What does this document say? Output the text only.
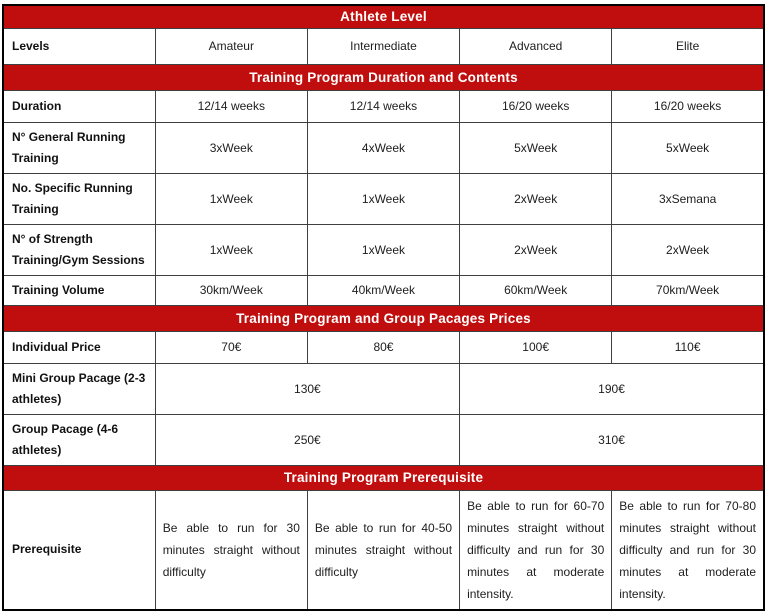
Athlete Level				
Levels	Amateur	Intermediate	Advanced	Elite
Training Program Duration and Contents				
Duration	12/14 weeks	12/14 weeks	16/20 weeks	16/20 weeks
N° General Running Training	3xWeek	4xWeek	5xWeek	5xWeek
No. Specific Running Training	1xWeek	1xWeek	2xWeek	3xSemana
N° of Strength Training/Gym Sessions	1xWeek	1xWeek	2xWeek	2xWeek
Training Volume	30km/Week	40km/Week	60km/Week	70km/Week
Training Program and Group Pacages Prices				
Individual Price	70€	80€	100€	110€
Mini Group Pacage (2-3 athletes)	130€		190€	
Group Pacage (4-6 athletes)	250€		310€	
Training Program Prerequisite				
Prerequisite	Be able to run for 30 minutes straight without difficulty	Be able to run for 40-50 minutes straight without difficulty	Be able to run for 60-70 minutes straight without difficulty and run for 30 minutes at moderate intensity.	Be able to run for 70-80 minutes straight without difficulty and run for 30 minutes at moderate intensity.
